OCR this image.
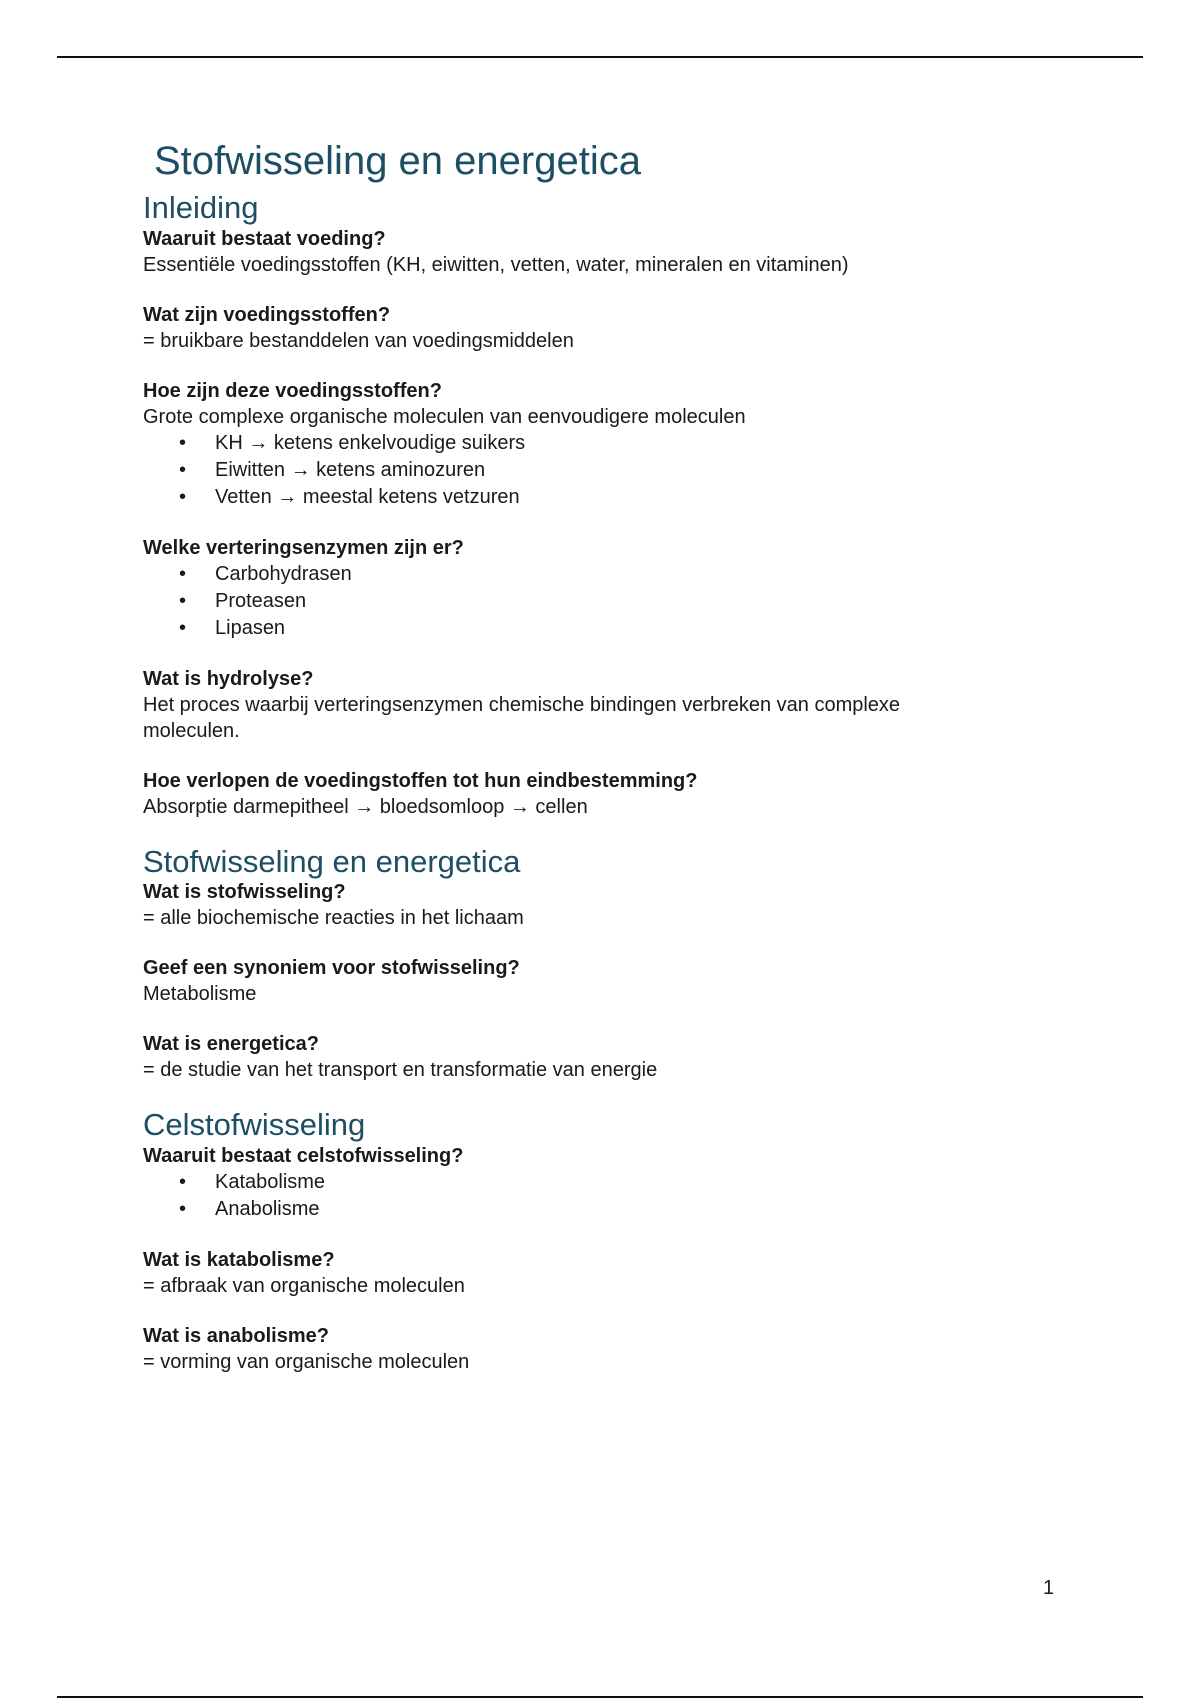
Stofwisseling en energetica
Inleiding

Waaruit bestaat voeding?

Essentiële voedingsstoffen (KH, eiwitten, vetten, water, mineralen en vitaminen)

Wat zijn voedingsstoffen?

= bruikbare bestanddelen van voedingsmiddelen

Hoe zijn deze voedingsstoffen?

Grote complexe organische moleculen van eenvoudigere moleculen

• KH → ketens enkelvoudige suikers
• Eiwitten → ketens aminozuren
• Vetten → meestal ketens vetzuren

Welke verteringsenzymen zijn er?

• Carbohydrasen
• Proteasen
• Lipasen

Wat is hydrolyse?

Het proces waarbij verteringsenzymen chemische bindingen verbreken van complexe

moleculen.

Hoe verlopen de voedingstoffen tot hun eindbestemming?

Absorptie darmepitheel → bloedsomloop → cellen

Stofwisseling en energetica

Wat is stofwisseling?

= alle biochemische reacties in het lichaam

Geef een synoniem voor stofwisseling?

Metabolisme

Wat is energetica?

= de studie van het transport en transformatie van energie

Celstofwisseling

Waaruit bestaat celstofwisseling?

• Katabolisme
• Anabolisme

Wat is katabolisme?

= afbraak van organische moleculen

Wat is anabolisme?

= vorming van organische moleculen

1
